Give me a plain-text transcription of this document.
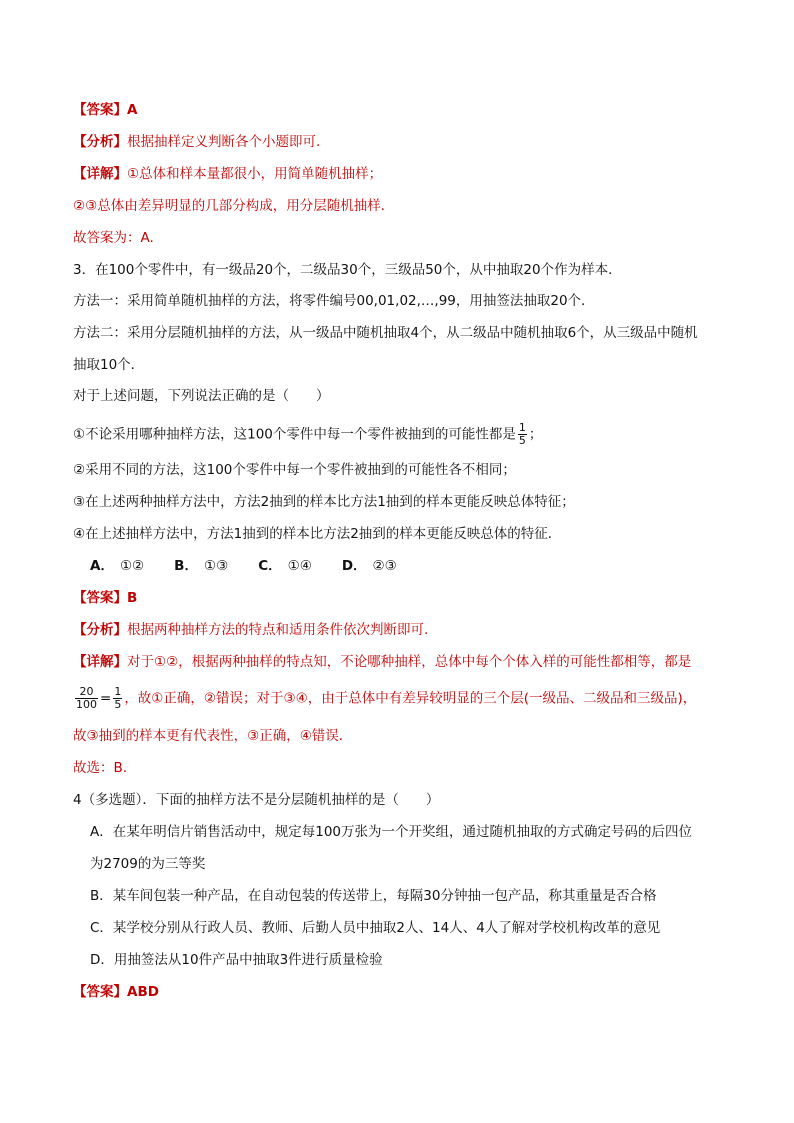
【答案】A
【分析】根据抽样定义判断各个小题即可.
【详解】①总体和样本量都很小，用简单随机抽样；
②③总体由差异明显的几部分构成，用分层随机抽样．
故答案为：A.
3．在100个零件中，有一级品20个，二级品30个，三级品50个，从中抽取20个作为样本．
方法一：采用简单随机抽样的方法，将零件编号00,01,02,…,99，用抽签法抽取20个．
方法二：采用分层随机抽样的方法，从一级品中随机抽取4个，从二级品中随机抽取6个，从三级品中随机
抽取10个．
对于上述问题，下列说法正确的是（　　）
①不论采用哪种抽样方法，这100个零件中每一个零件被抽到的可能性都是 $\frac{1}{5}$ ；
②采用不同的方法，这100个零件中每一个零件被抽到的可能性各不相同；
③在上述两种抽样方法中，方法2抽到的样本比方法1抽到的样本更能反映总体特征；
④在上述抽样方法中，方法1抽到的样本比方法2抽到的样本更能反映总体的特征．
A． ①② B． ①③ C． ①④ D． ②③
【答案】B
【分析】根据两种抽样方法的特点和适用条件依次判断即可.
【详解】对于①②，根据两种抽样的特点知，不论哪种抽样，总体中每个个体入样的可能性都相等，都是
$\frac{20}{100} = \frac{1}{5}$ ，故①正确，②错误；对于③④，由于总体中有差异较明显的三个层(一级品、二级品和三级品)，
故③抽到的样本更有代表性，③正确，④错误．
故选：B.
4（多选题）．下面的抽样方法不是分层随机抽样的是（　　）
A．在某年明信片销售活动中，规定每100万张为一个开奖组，通过随机抽取的方式确定号码的后四位
为2709的为三等奖
B．某车间包装一种产品，在自动包装的传送带上，每隔30分钟抽一包产品，称其重量是否合格
C．某学校分别从行政人员、教师、后勤人员中抽取2人、14人、4人了解对学校机构改革的意见
D．用抽签法从10件产品中抽取3件进行质量检验
【答案】ABD
